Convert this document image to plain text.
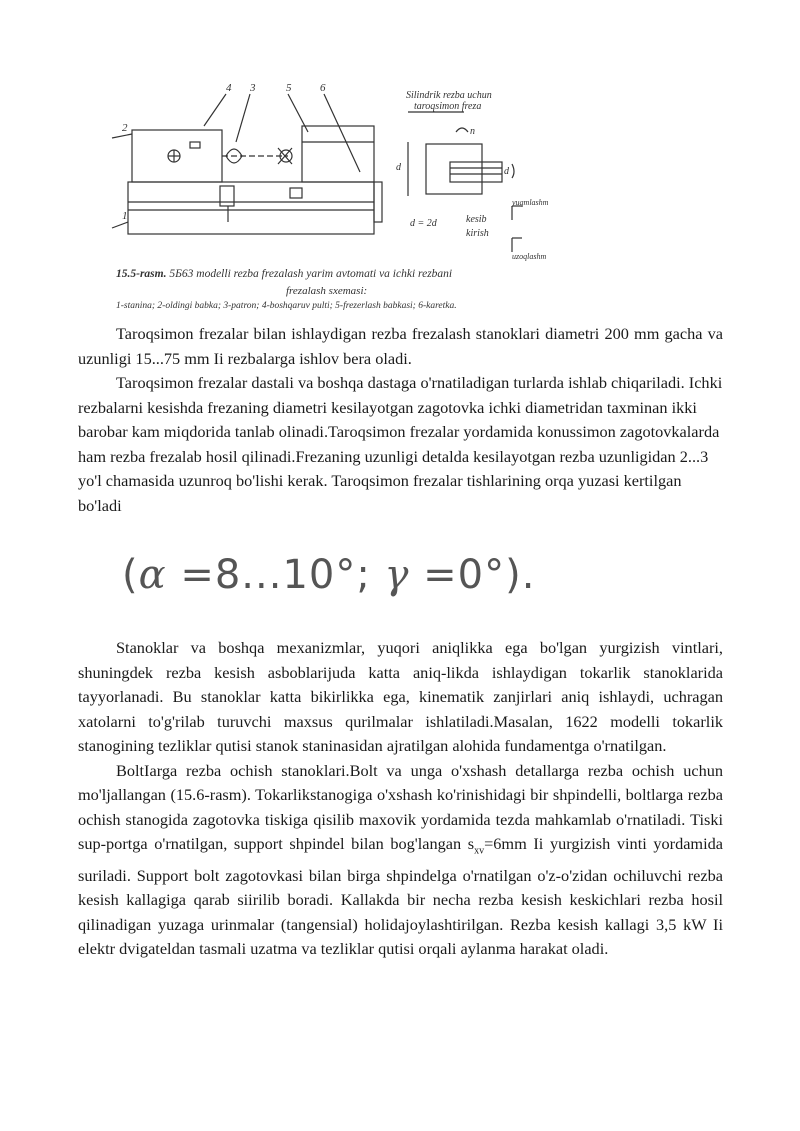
4 3	5	6
2
1
Silindrik rezba uchun
taroqsimon freza
n
d	d
d = 2d	kesib
kirish
yuqmlashm
uzoqlashm
15.5-rasm. 5Б63 modelli rezba frezalash yarim avtomati va ichki rezbani
frezalash sxemasi:
1-stanina; 2-oldingi babka; 3-patron; 4-boshqaruv pulti; 5-frezerlash babkasi; 6-karetka.

Taroqsimon frezalar bilan ishlaydigan rezba frezalash stanoklari diametri 200 mm gacha va uzunligi 15...75 mm Ii rezbalarga ishlov bera oladi.

Taroqsimon frezalar dastali va boshqa dastaga o'rnatiladigan turlarda ishlab chiqariladi. Ichki rezbalarni kesishda frezaning diametri kesilayotgan zagotovka ichki diametridan taxminan ikki barobar kam miqdorida tanlab olinadi.Taroqsimon frezalar yordamida konussimon zagotovkalarda ham rezba frezalab hosil qilinadi.Frezaning uzunligi detalda kesilayotgan rezba uzunligidan 2...3 yo'l chamasida uzunroq bo'lishi kerak. Taroqsimon frezalar tishlarining orqa yuzasi kertilgan bo'ladi

(α =8...10°; γ =0°).

Stanoklar va boshqa mexanizmlar, yuqori aniqlikka ega bo'lgan yurgizish vintlari, shuningdek rezba kesish asboblarijuda katta aniq-likda ishlaydigan tokarlik stanoklarida tayyorlanadi. Bu stanoklar katta bikirlikka ega, kinematik zanjirlari aniq ishlaydi, uchragan xatolarni to'g'rilab turuvchi maxsus qurilmalar ishlatiladi.Masalan, 1622 modelli tokarlik stanogining tezliklar qutisi stanok staninasidan ajratilgan alohida fundamentga o'rnatilgan.

BoltIarga rezba ochish stanoklari.Bolt va unga o'xshash detallarga rezba ochish uchun mo'ljallangan (15.6-rasm). Tokarlikstanogiga o'xshash ko'rinishidagi bir shpindelli, boltlarga rezba ochish stanogida zagotovka tiskiga qisilib maxovik yordamida tezda mahkamlab o'rnatiladi. Tiski sup-portga o'rnatilgan, support shpindel bilan bog'langan $s_{xv}=6mm$ Ii yurgizish vinti yordamida suriladi. Support bolt zagotovkasi bilan birga shpindelga o'rnatilgan o'z-o'zidan ochiluvchi rezba kesish kallagiga qarab siirilib boradi. Kallakda bir necha rezba kesish keskichlari rezba hosil qilinadigan yuzaga urinmalar (tangensial) holidajoylashtirilgan. Rezba kesish kallagi 3,5 kW Ii elektr dvigateldan tasmali uzatma va tezliklar qutisi orqali aylanma harakat oladi.
